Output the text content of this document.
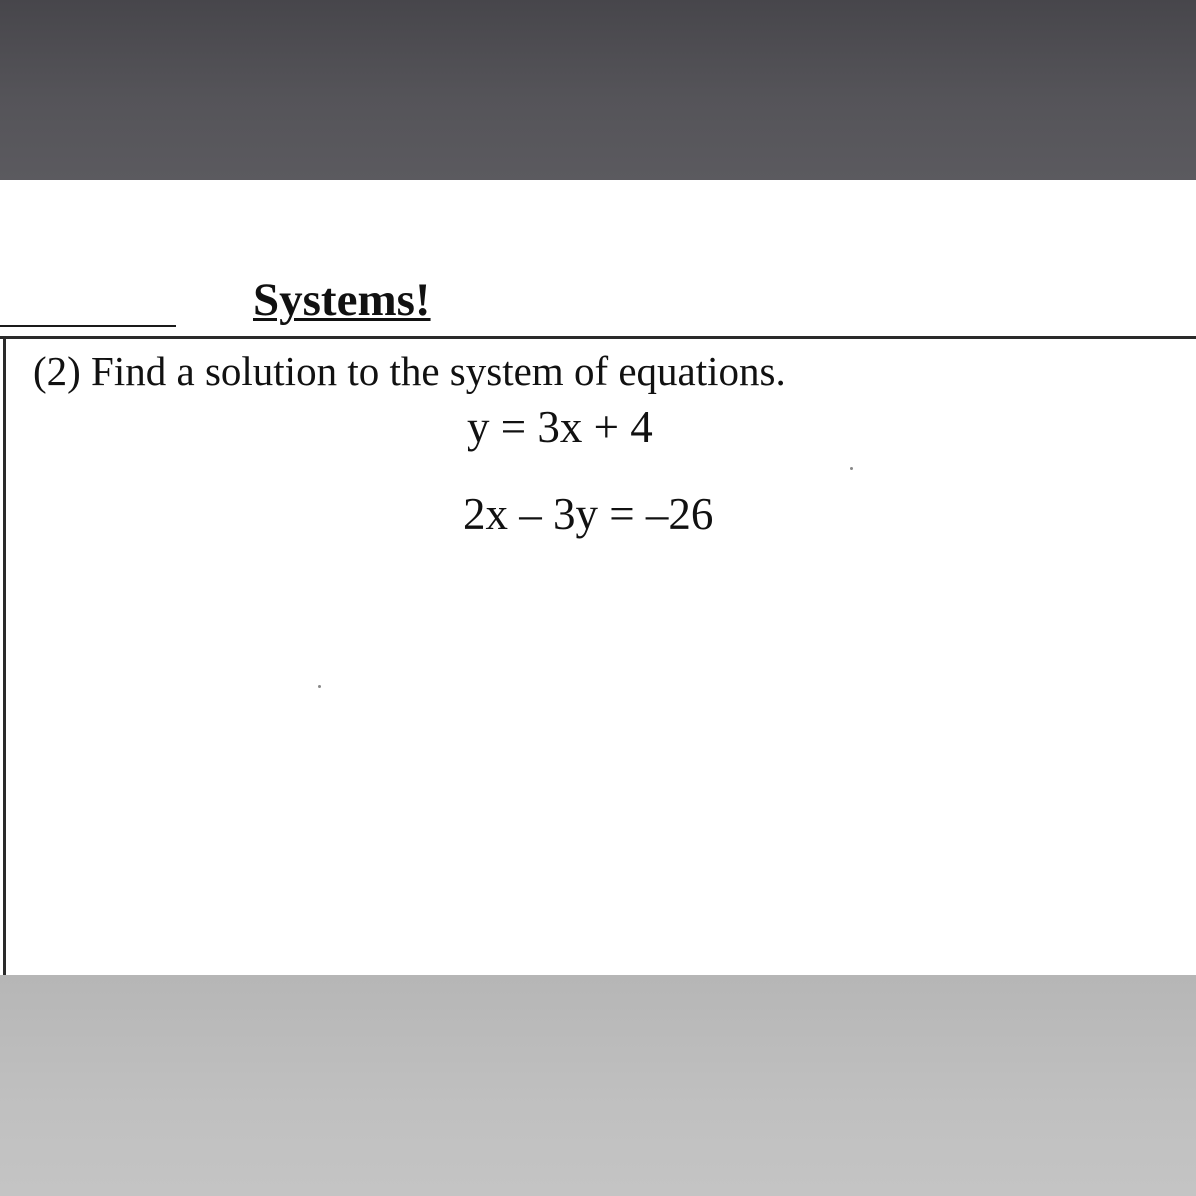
Systems!

(2) Find a solution to the system of equations.

y = 3x + 4
2x – 3y = –26
